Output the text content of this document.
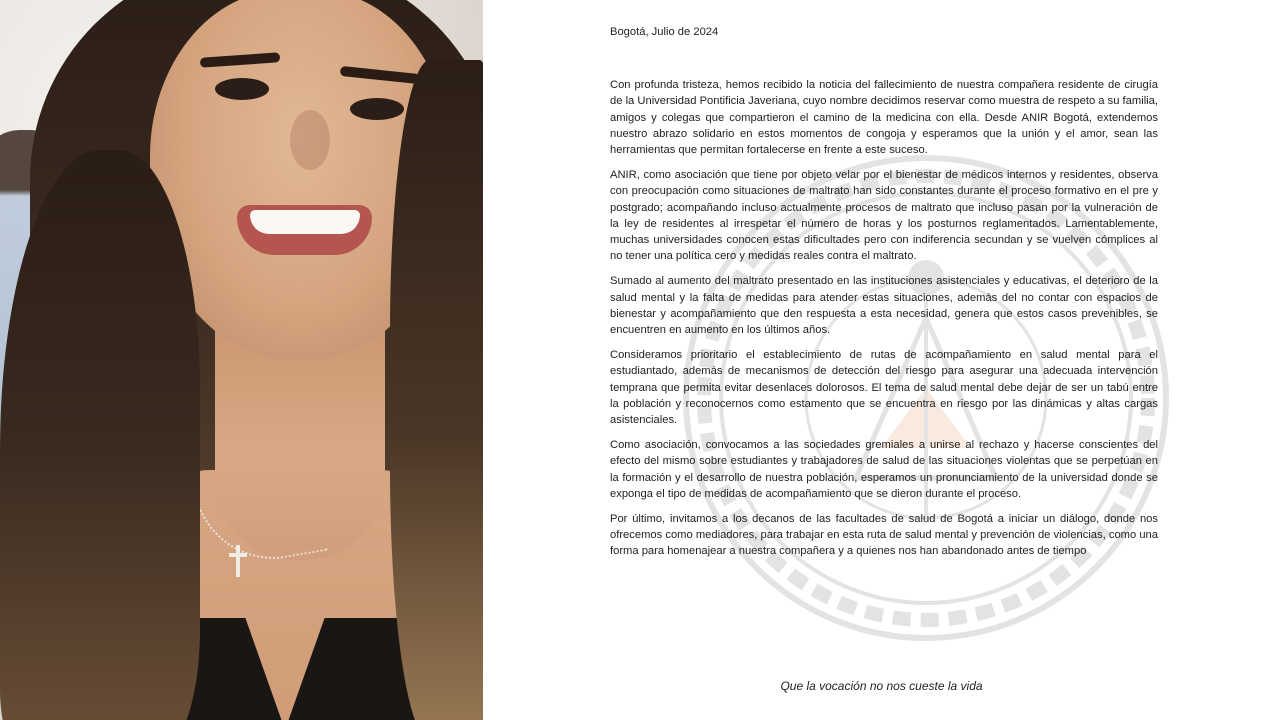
Bogotá, Julio de 2024

Con profunda tristeza, hemos recibido la noticia del fallecimiento de nuestra compañera residente de cirugía de la Universidad Pontificia Javeriana, cuyo nombre decidimos reservar como muestra de respeto a su familia, amigos y colegas que compartieron el camino de la medicina con ella. Desde ANIR Bogotá, extendemos nuestro abrazo solidario en estos momentos de congoja y esperamos que la unión y el amor, sean las herramientas que permitan fortalecerse en frente a este suceso.

ANIR, como asociación que tiene por objeto velar por el bienestar de médicos internos y residentes, observa con preocupación como situaciones de maltrato han sido constantes durante el proceso formativo en el pre y postgrado; acompañando incluso actualmente procesos de maltrato que incluso pasan por la vulneración de la ley de residentes al irrespetar el número de horas y los posturnos reglamentados. Lamentablemente, muchas universidades conocen estas dificultades pero con indiferencia secundan y se vuelven cómplices al no tener una política cero y medidas reales contra el maltrato.

Sumado al aumento del maltrato presentado en las instituciones asistenciales y educativas, el deterioro de la salud mental y la falta de medidas para atender estas situaciones, además del no contar con espacios de bienestar y acompañamiento que den respuesta a esta necesidad, genera que estos casos prevenibles, se encuentren en aumento en los últimos años.

Consideramos prioritario el establecimiento de rutas de acompañamiento en salud mental para el estudiantado, además de mecanismos de detección del riesgo para asegurar una adecuada intervención temprana que permita evitar desenlaces dolorosos. El tema de salud mental debe dejar de ser un tabú entre la población y reconocernos como estamento que se encuentra en riesgo por las dinámicas y altas cargas asistenciales.

Como asociación, convocamos a las sociedades gremiales a unirse al rechazo y hacerse conscientes del efecto del mismo sobre estudiantes y trabajadores de salud de las situaciones violentas que se perpetúan en la formación y el desarrollo de nuestra población, esperamos un pronunciamiento de la universidad donde se exponga el tipo de medidas de acompañamiento que se dieron durante el proceso.

Por último, invitamos a los decanos de las facultades de salud de Bogotá a iniciar un diálogo, donde nos ofrecemos como mediadores, para trabajar en esta ruta de salud mental y prevención de violencias, como una forma para homenajear a nuestra compañera y a quienes nos han abandonado antes de tiempo

Que la vocación no nos cueste la vida
